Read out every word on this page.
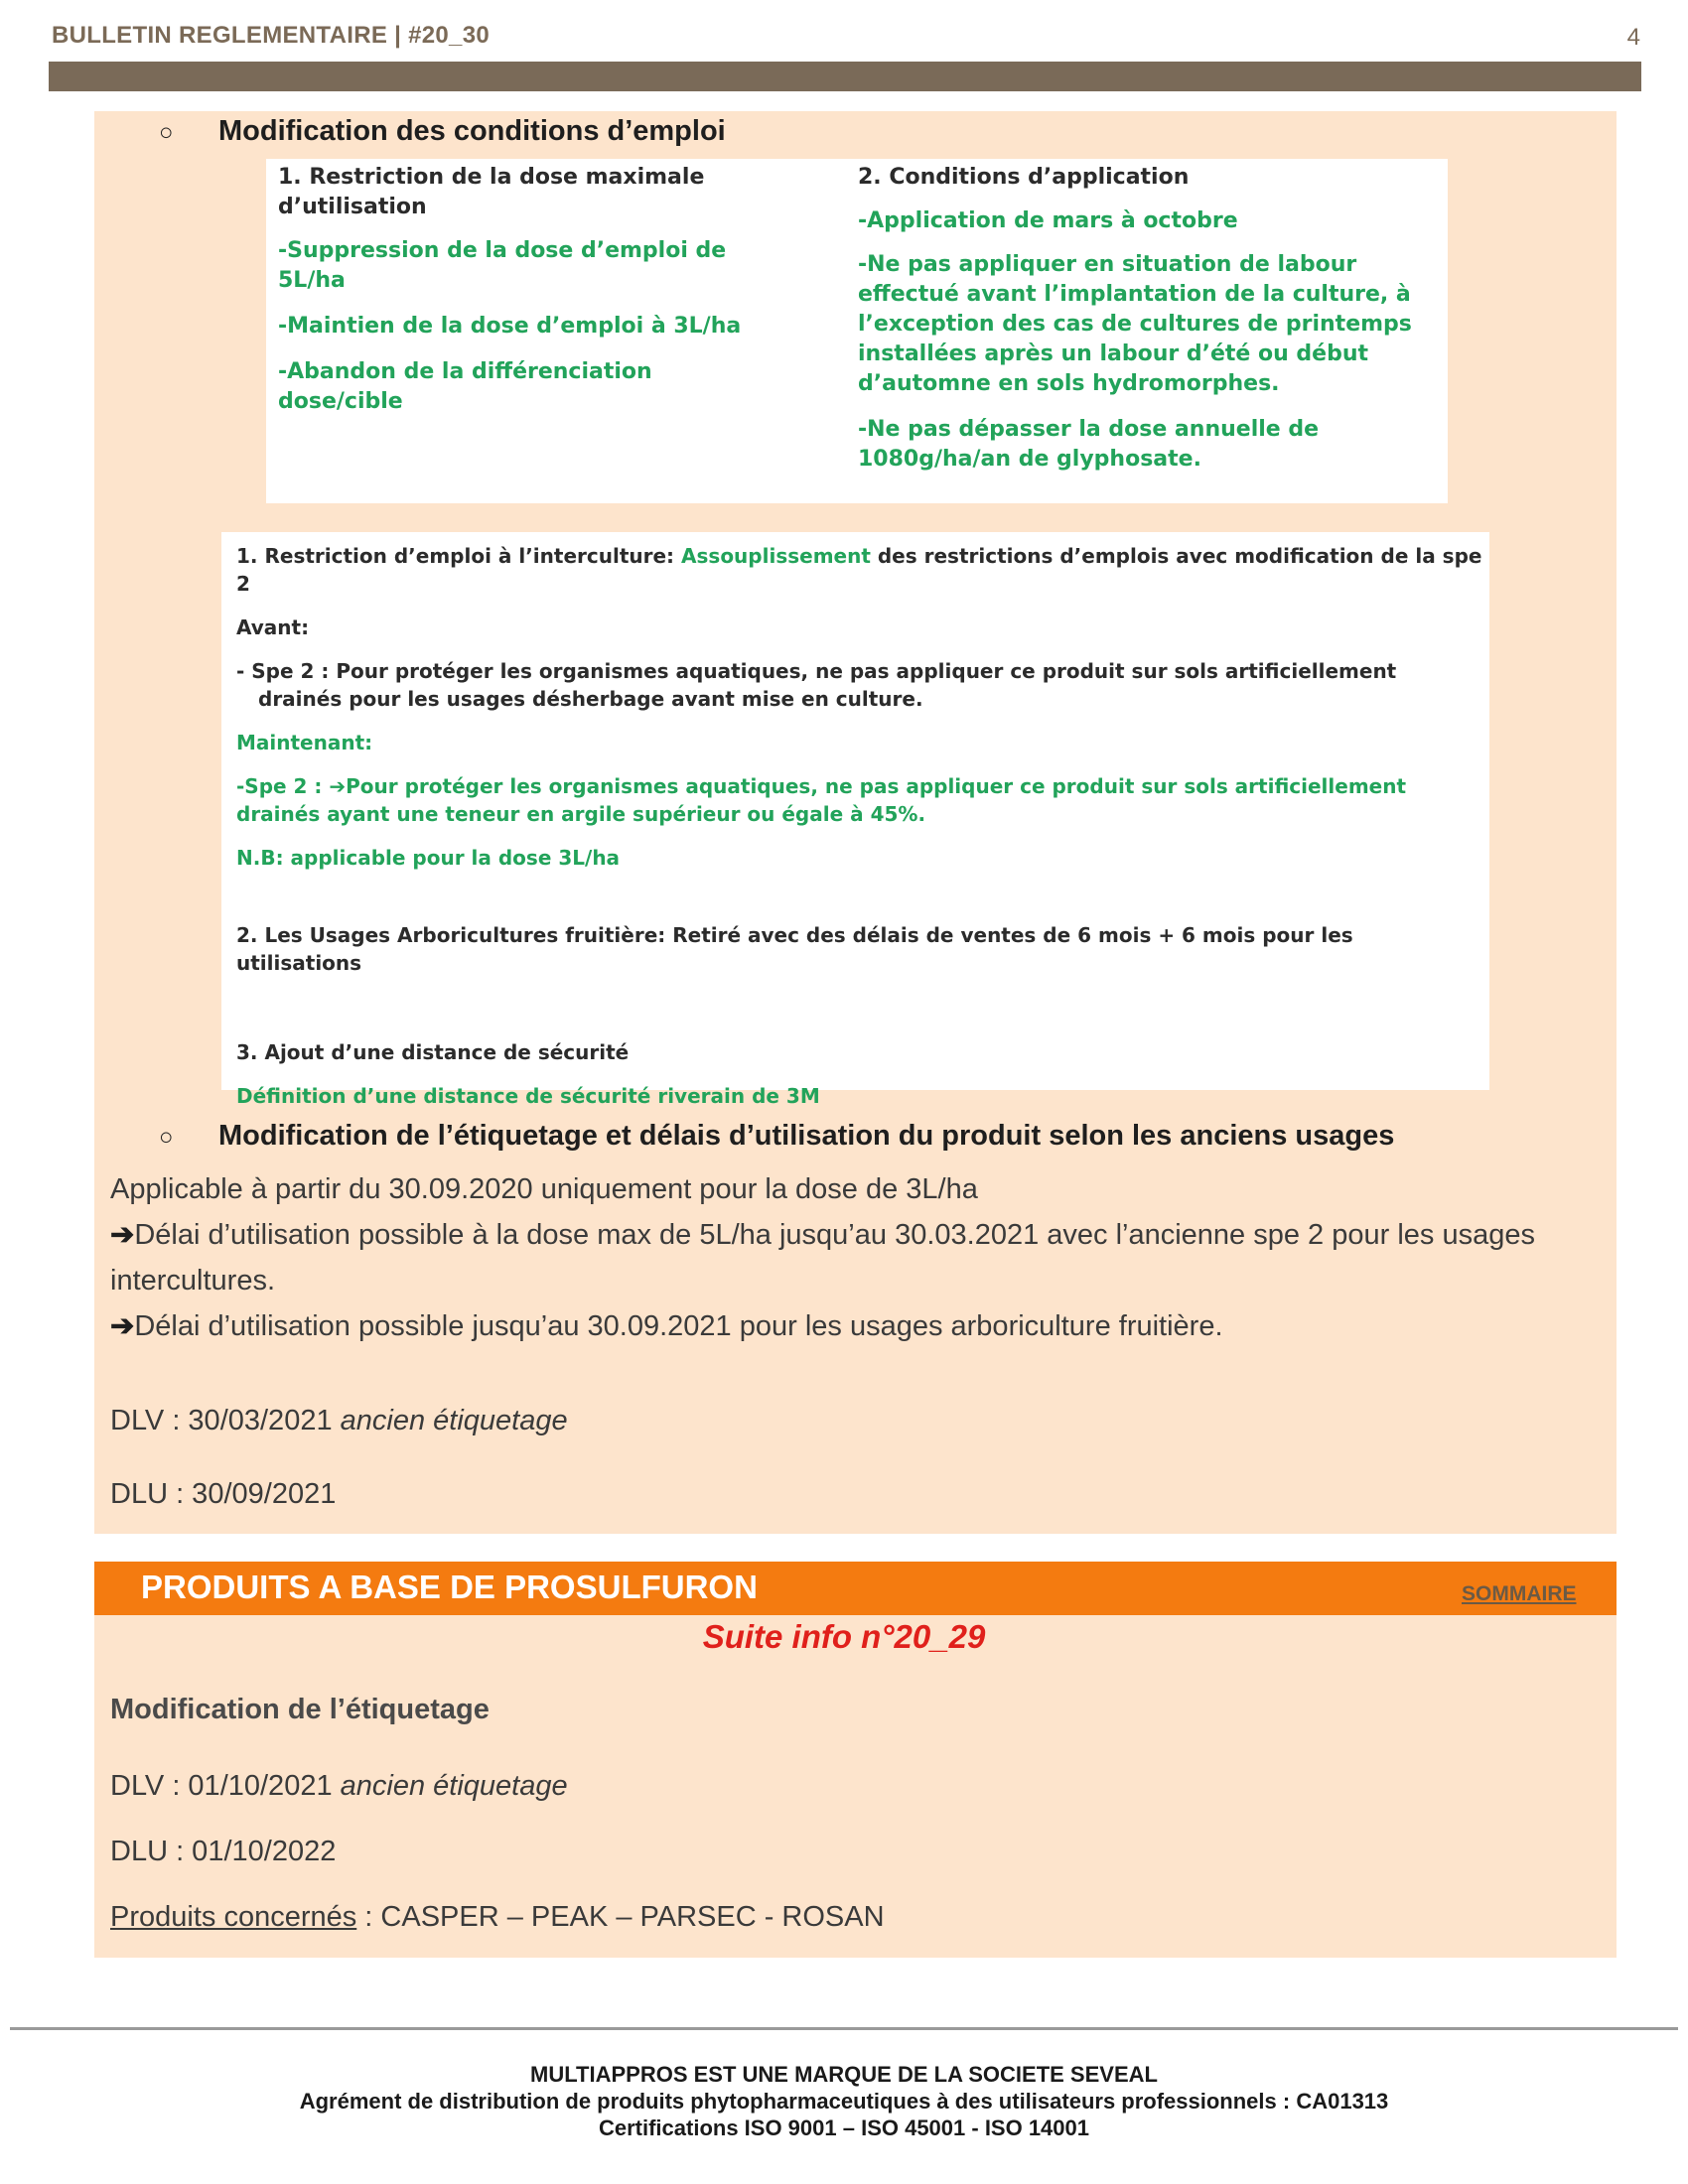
BULLETIN REGLEMENTAIRE | #20_30	4
○	Modification des conditions d’emploi
1. Restriction de la dose maximale d’utilisation
-Suppression de la dose d’emploi de 5L/ha
-Maintien de la dose d’emploi à 3L/ha
-Abandon de la différenciation dose/cible
2. Conditions d’application
-Application de mars à octobre
-Ne pas appliquer en situation de labour effectué avant l’implantation de la culture, à l’exception des cas de cultures de printemps installées après un labour d’été ou début d’automne en sols hydromorphes.
-Ne pas dépasser la dose annuelle de 1080g/ha/an de glyphosate.
1. Restriction d’emploi à l’interculture: Assouplissement des restrictions d’emplois avec modification de la spe 2
Avant:
- Spe 2 : Pour protéger les organismes aquatiques, ne pas appliquer ce produit sur sols artificiellement drainés pour les usages désherbage avant mise en culture.
Maintenant:
-Spe 2 : ➔Pour protéger les organismes aquatiques, ne pas appliquer ce produit sur sols artificiellement drainés ayant une teneur en argile supérieur ou égale à 45%.
N.B: applicable pour la dose 3L/ha
2. Les Usages Arboricultures fruitière: Retiré avec des délais de ventes de 6 mois + 6 mois pour les utilisations
3. Ajout d’une distance de sécurité
Définition d’une distance de sécurité riverain de 3M
○	Modification de l’étiquetage et délais d’utilisation du produit selon les anciens usages
Applicable à partir du 30.09.2020 uniquement pour la dose de 3L/ha
➔Délai d’utilisation possible à la dose max de 5L/ha jusqu’au 30.03.2021 avec l’ancienne spe 2 pour les usages intercultures.
➔Délai d’utilisation possible jusqu’au 30.09.2021 pour les usages arboriculture fruitière.
DLV : 30/03/2021 ancien étiquetage
DLU : 30/09/2021
PRODUITS A BASE DE PROSULFURON	SOMMAIRE
Suite info n°20_29
Modification de l’étiquetage
DLV : 01/10/2021 ancien étiquetage
DLU : 01/10/2022
Produits concernés : CASPER – PEAK – PARSEC - ROSAN
MULTIAPPROS EST UNE MARQUE DE LA SOCIETE SEVEAL
Agrément de distribution de produits phytopharmaceutiques à des utilisateurs professionnels : CA01313
Certifications ISO 9001 – ISO 45001 - ISO 14001
